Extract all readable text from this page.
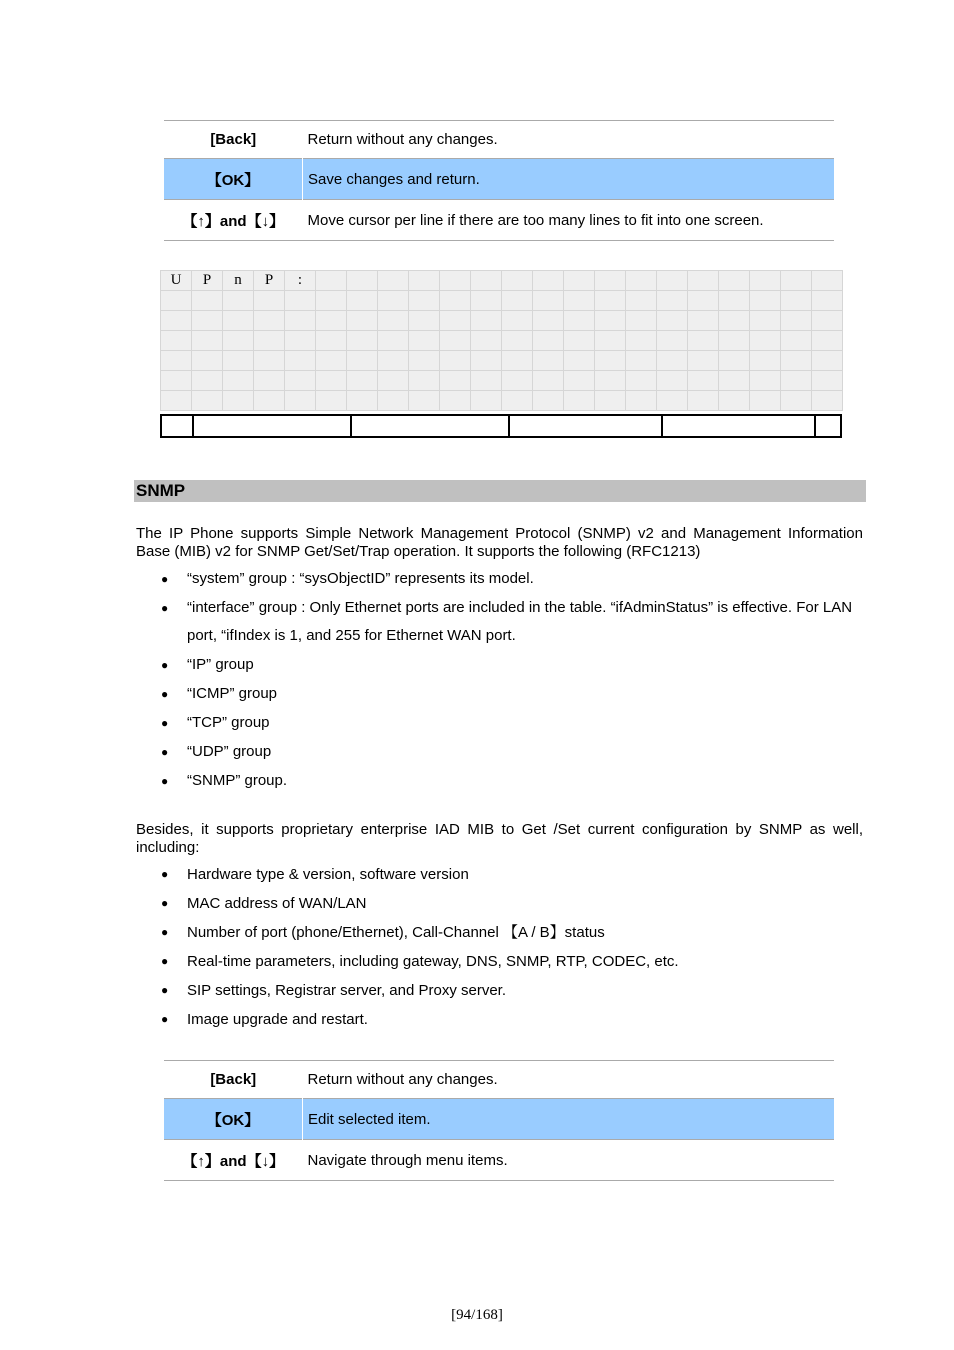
[Back]	Return without any changes.
【OK】	Save changes and return.
【↑】and【↓】	Move cursor per line if there are too many lines to fit into one screen.
U	P	n	P	:																	

SNMP

The IP Phone supports Simple Network Management Protocol (SNMP) v2 and Management Information Base (MIB) v2 for SNMP Get/Set/Trap operation. It supports the following (RFC1213)

● “system” group : “sysObjectID” represents its model.
● “interface” group : Only Ethernet ports are included in the table. “ifAdminStatus” is effective. For LAN port, “ifIndex is 1, and 255 for Ethernet WAN port.
● “IP” group
● “ICMP” group
● “TCP” group
● “UDP” group
● “SNMP” group.

Besides, it supports proprietary enterprise IAD MIB to Get /Set current configuration by SNMP as well, including:

● Hardware type & version, software version
● MAC address of WAN/LAN
● Number of port (phone/Ethernet), Call-Channel 【A / B】status
● Real-time parameters, including gateway, DNS, SNMP, RTP, CODEC, etc.
● SIP settings, Registrar server, and Proxy server.
● Image upgrade and restart.
[Back]	Return without any changes.
【OK】	Edit selected item.
【↑】and【↓】	Navigate through menu items.
[94/168]
